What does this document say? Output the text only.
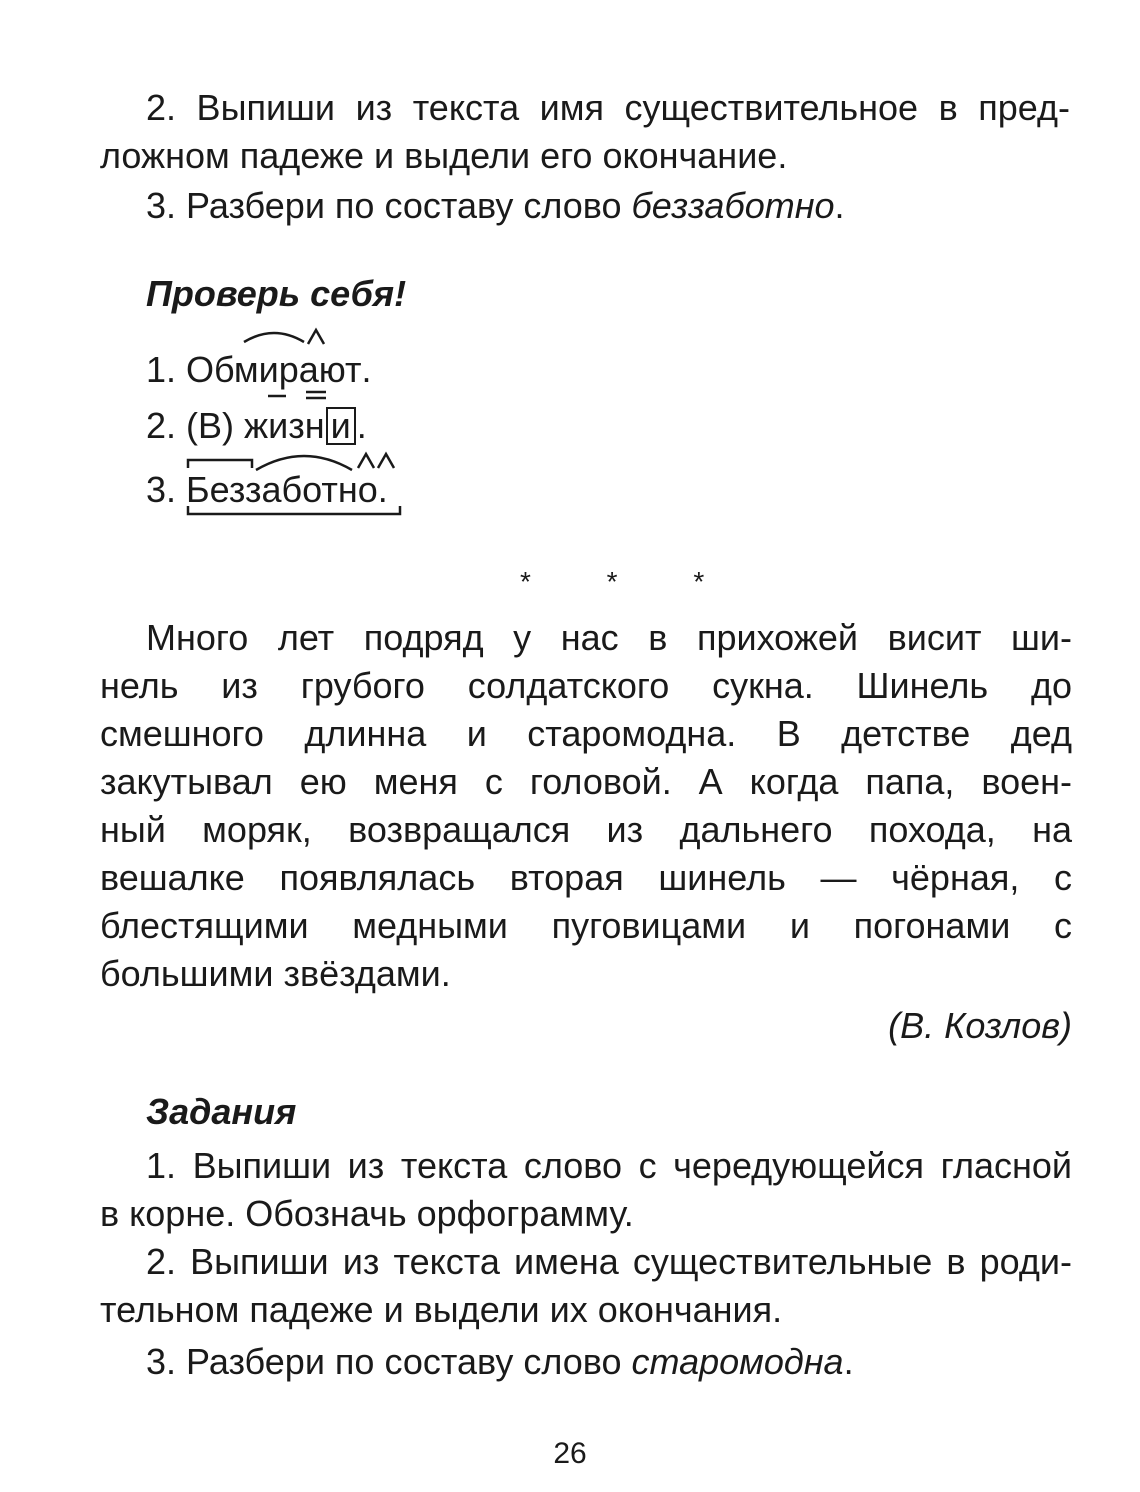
2. Выпиши из текста имя существительное в пред-
ложном падеже и выдели его окончание.
3. Разбери по составу слово беззаботно.
Проверь себя!
1. Обмирают
.
2. (В) жизн и .
3. Беззаботно
.
* * *
Много лет подряд у нас в прихожей висит ши-
нель из грубого солдатского сукна. Шинель до
смешного длинна и старомодна. В детстве дед
закутывал ею меня с головой. А когда папа, воен-
ный моряк, возвращался из дальнего похода, на
вешалке появлялась вторая шинель — чёрная, с
блестящими медными пуговицами и погонами с
большими звёздами.
(В. Козлов)
Задания
1. Выпиши из текста слово с чередующейся гласной
в корне. Обозначь орфограмму.
2. Выпиши из текста имена существительные в роди-
тельном падеже и выдели их окончания.
3. Разбери по составу слово старомодна.
26
